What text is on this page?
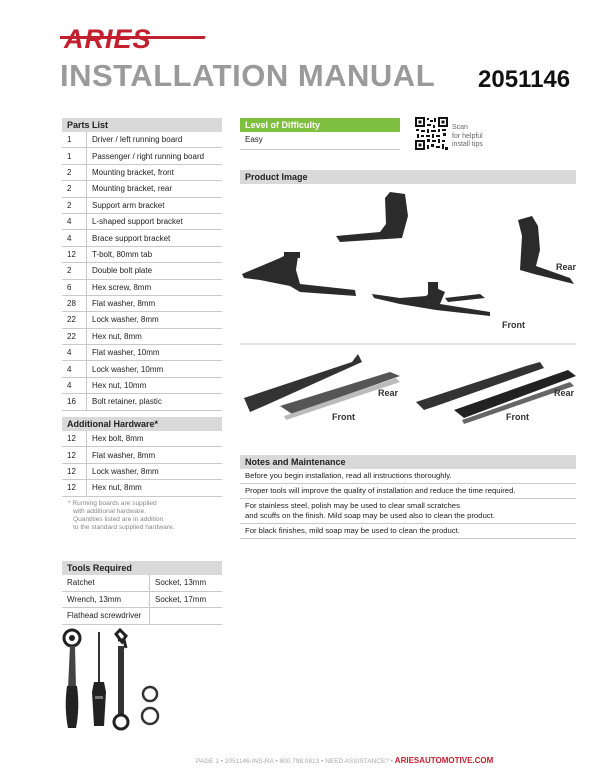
ARIES
INSTALLATION MANUAL 2051146
Parts List
1	Driver / left running board
1	Passenger / right running board
2	Mounting bracket, front
2	Mounting bracket, rear
2	Support arm bracket
4	L-shaped support bracket
4	Brace support bracket
12	T-bolt, 80mm tab
2	Double bolt plate
6	Hex screw, 8mm
28	Flat washer, 8mm
22	Lock washer, 8mm
22	Hex nut, 8mm
4	Flat washer, 10mm
4	Lock washer, 10mm
4	Hex nut, 10mm
16	Bolt retainer, plastic
Additional Hardware*
12	Hex bolt, 8mm
12	Flat washer, 8mm
12	Lock washer, 8mm
12	Hex nut, 8mm
* Running boards are supplied
with additional hardware.
Quantities listed are in addition
to the standard supplied hardware.
Tools Required
Ratchet	Socket, 13mm
Wrench, 13mm	Socket, 17mm
Flathead screwdriver	
Level of Difficulty
Easy
Scan
for helpful
install tips
Product Image
Rear
Front
Rear
Front
Rear
Front
Notes and Maintenance
Before you begin installation, read all instructions thoroughly.
Proper tools will improve the quality of installation and reduce the time required.
For stainless steel, polish may be used to clear small scratches
and scuffs on the finish. Mild soap may be used also to clean the product.
For black finishes, mild soap may be used to clean the product.
PAGE 1 • 2051146-INS-RA • 800.798.0813 • NEED ASSISTANCE? • ARIESAUTOMOTIVE.COM
